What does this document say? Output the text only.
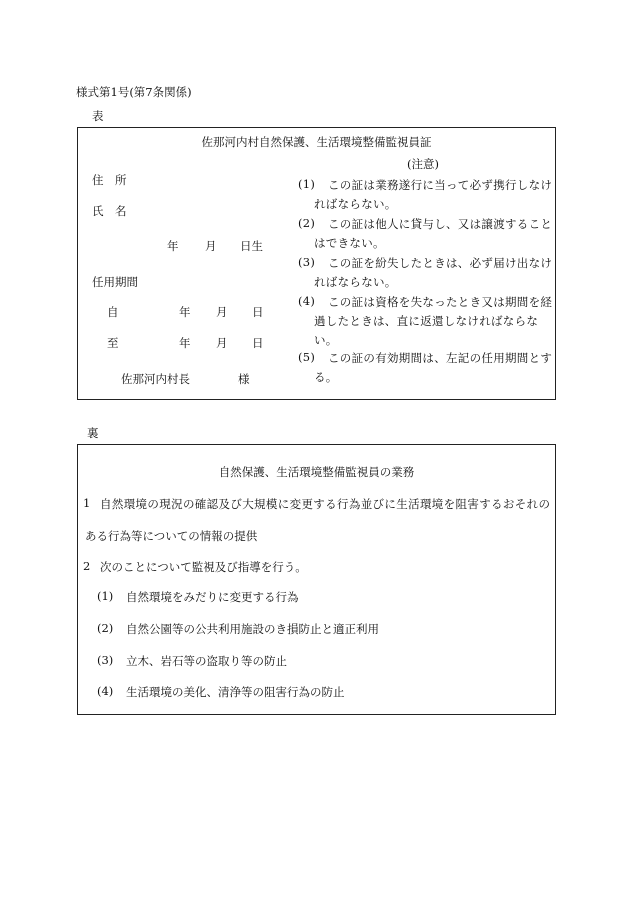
様式第1号(第7条関係)
表
佐那河内村自然保護、生活環境整備監視員証
住　所
氏　名
年 月 日生
任用期間
自	年 月 日
至	年 月 日
佐那河内村長	様
(注意)
(1) この証は業務遂行に当って必ず携行しなけ
ればならない。
(2) この証は他人に貸与し、又は譲渡すること
はできない。
(3) この証を紛失したときは、必ず届け出なけ
ればならない。
(4) この証は資格を失なったとき又は期間を経
過したときは、直に返還しなければならな
い。
(5) この証の有効期間は、左記の任用期間とす
る。
裏
自然保護、生活環境整備監視員の業務
1 自然環境の現況の確認及び大規模に変更する行為並びに生活環境を阻害するおそれの
ある行為等についての情報の提供
2 次のことについて監視及び指導を行う。
(1) 自然環境をみだりに変更する行為
(2) 自然公園等の公共利用施設のき損防止と適正利用
(3) 立木、岩石等の盗取り等の防止
(4) 生活環境の美化、清浄等の阻害行為の防止
